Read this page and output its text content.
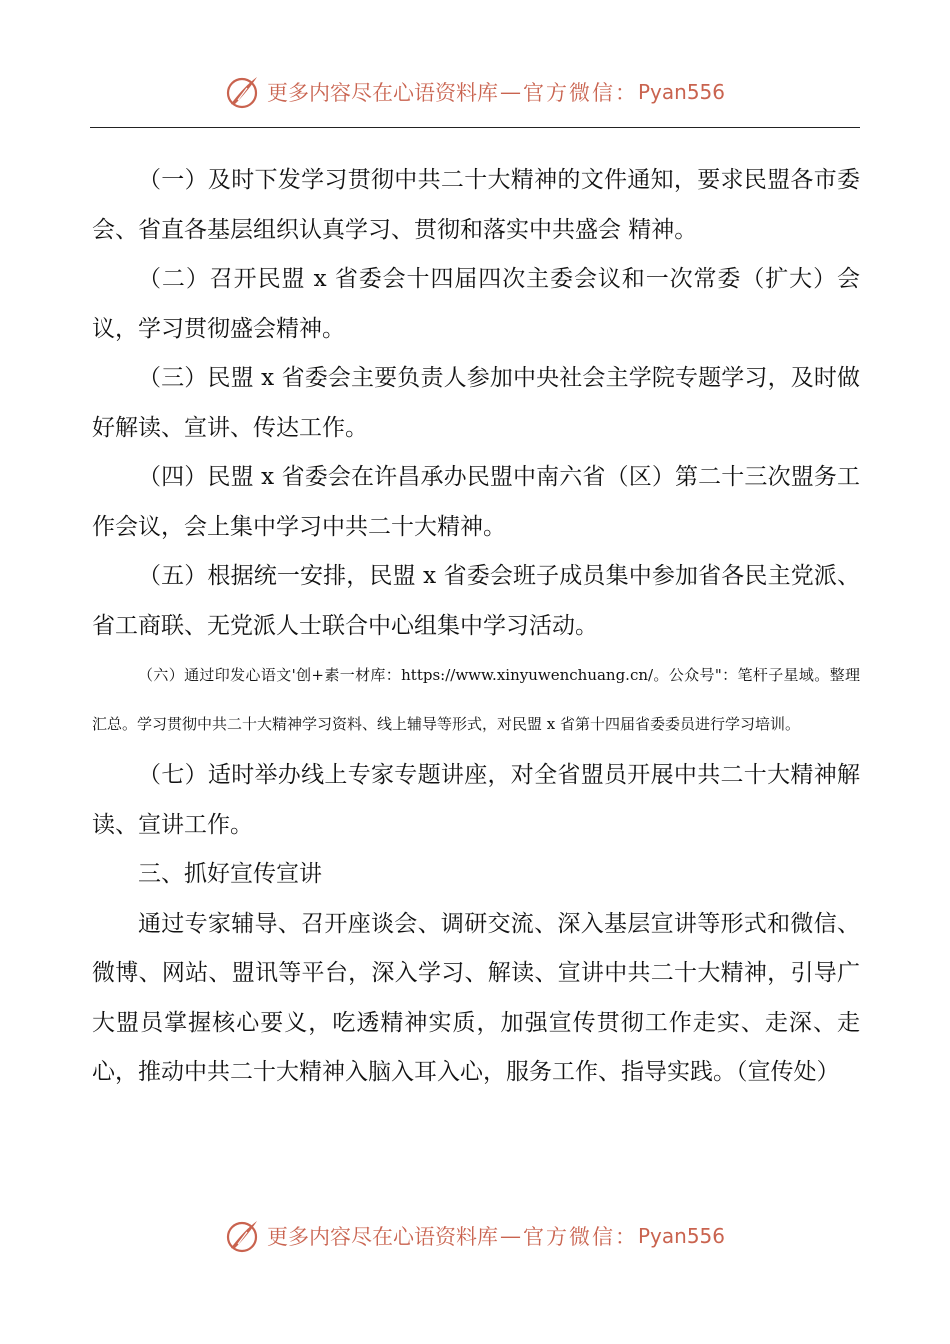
更多内容尽在心语资料库 — 官方微信： Pyan556

（一）及时下发学习贯彻中共二十大精神的文件通知，要求民盟各市委会、省直各基层组织认真学习、贯彻和落实中共盛会 精神。

（二）召开民盟 x 省委会十四届四次主委会议和一次常委（扩大）会议，学习贯彻盛会精神。

（三）民盟 x 省委会主要负责人参加中央社会主学院专题学习，及时做好解读、宣讲、传达工作。

（四）民盟 x 省委会在许昌承办民盟中南六省（区）第二十三次盟务工作会议，会上集中学习中共二十大精神。

（五）根据统一安排，民盟 x 省委会班子成员集中参加省各民主党派、省工商联、无党派人士联合中心组集中学习活动。

（六）通过印发心语文'创+素一材库：https://www.xinyuwenchuang.cn/。公众号"：笔杆子星域。整理汇总。学习贯彻中共二十大精神学习资料、线上辅导等形式，对民盟 x 省第十四届省委委员进行学习培训。

（七）适时举办线上专家专题讲座，对全省盟员开展中共二十大精神解读、宣讲工作。

三、抓好宣传宣讲

通过专家辅导、召开座谈会、调研交流、深入基层宣讲等形式和微信、微博、网站、盟讯等平台，深入学习、解读、宣讲中共二十大精神，引导广大盟员掌握核心要义，吃透精神实质，加强宣传贯彻工作走实、走深、走心，推动中共二十大精神入脑入耳入心，服务工作、指导实践。（宣传处）

更多内容尽在心语资料库 — 官方微信： Pyan556
